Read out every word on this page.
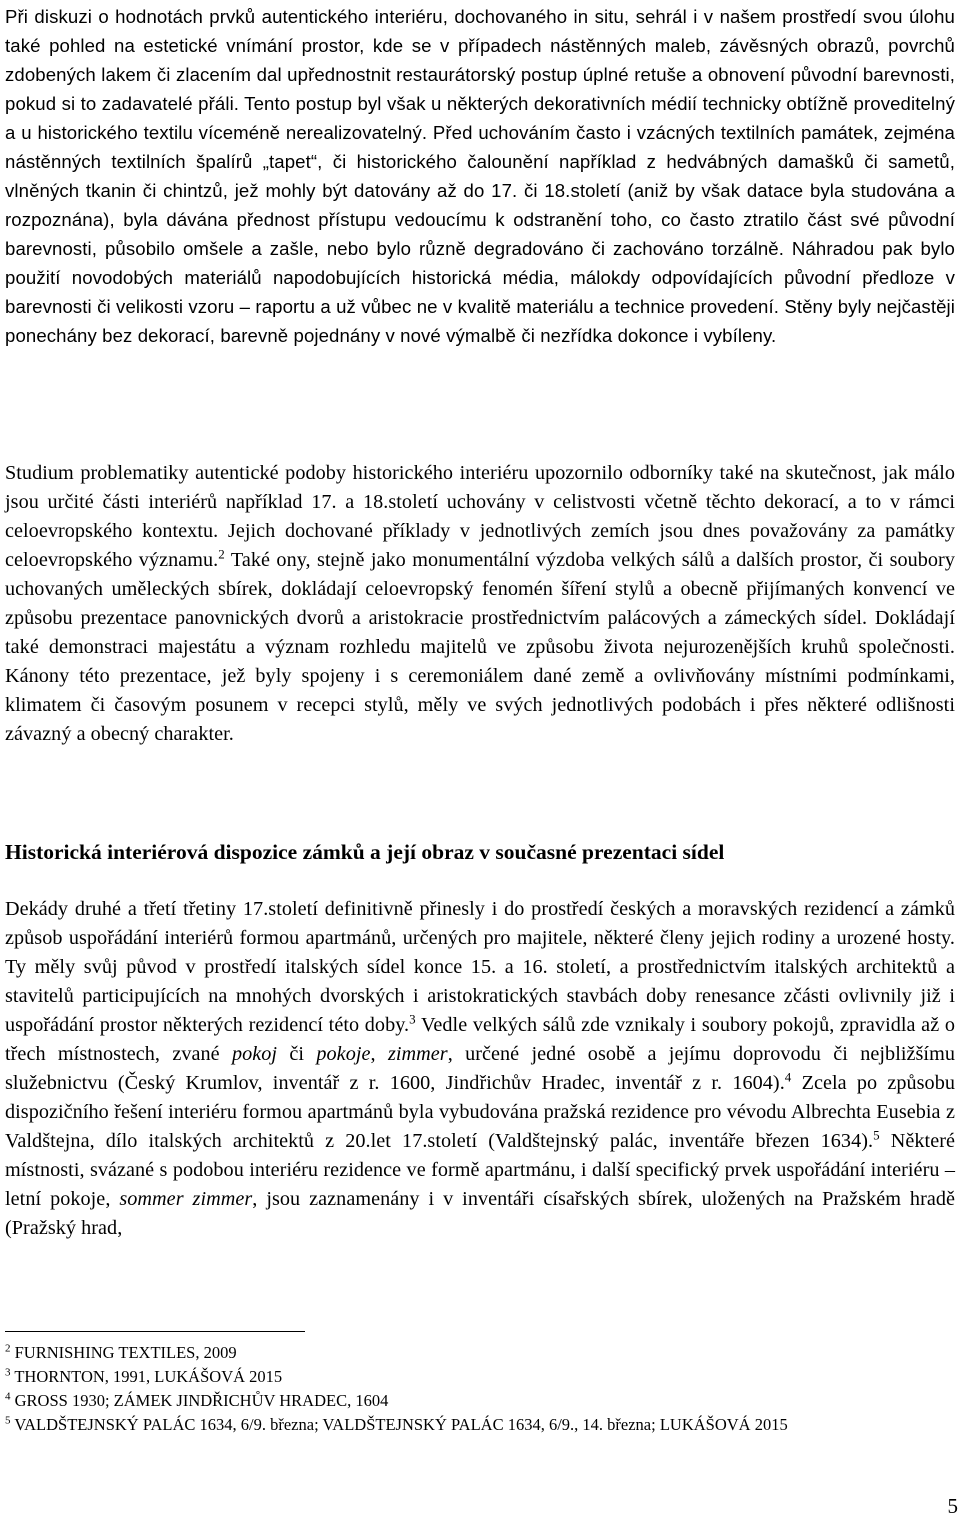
Při diskuzi o hodnotách prvků autentického interiéru, dochovaného in situ, sehrál i v našem prostředí svou úlohu také pohled na estetické vnímání prostor, kde se v případech nástěnných maleb, závěsných obrazů, povrchů zdobených lakem či zlacením dal upřednostnit restaurátorský postup úplné retuše a obnovení původní barevnosti, pokud si to zadavatelé přáli. Tento postup byl však u některých dekorativních médií technicky obtížně proveditelný a u historického textilu víceméně nerealizovatelný. Před uchováním často i vzácných textilních památek, zejména nástěnných textilních špalírů „tapet“, či historického čalounění například z hedvábných damašků či sametů, vlněných tkanin či chintzů, jež mohly být datovány až do 17. či 18.století (aniž by však datace byla studována a rozpoznána), byla dávána přednost přístupu vedoucímu k odstranění toho, co často ztratilo část své původní barevnosti, působilo omšele a zašle, nebo bylo různě degradováno či zachováno torzálně. Náhradou pak bylo použití novodobých materiálů napodobujících historická média, málokdy odpovídajících původní předloze v barevnosti či velikosti vzoru – raportu a už vůbec ne v kvalitě materiálu a technice provedení. Stěny byly nejčastěji ponechány bez dekorací, barevně pojednány v nové výmalbě či nezřídka dokonce i vybíleny.

Studium problematiky autentické podoby historického interiéru upozornilo odborníky také na skutečnost, jak málo jsou určité části interiérů například 17. a 18.století uchovány v celistvosti včetně těchto dekorací, a to v rámci celoevropského kontextu. Jejich dochované příklady v jednotlivých zemích jsou dnes považovány za památky celoevropského významu.$^2$ Také ony, stejně jako monumentální výzdoba velkých sálů a dalších prostor, či soubory uchovaných uměleckých sbírek, dokládají celoevropský fenomén šíření stylů a obecně přijímaných konvencí ve způsobu prezentace panovnických dvorů a aristokracie prostřednictvím palácových a zámeckých sídel. Dokládají také demonstraci majestátu a význam rozhledu majitelů ve způsobu života nejurozenějších kruhů společnosti. Kánony této prezentace, jež byly spojeny i s ceremoniálem dané země a ovlivňovány místními podmínkami, klimatem či časovým posunem v recepci stylů, měly ve svých jednotlivých podobách i přes některé odlišnosti závazný a obecný charakter.

Historická interiérová dispozice zámků a její obraz v současné prezentaci sídel

Dekády druhé a třetí třetiny 17.století definitivně přinesly i do prostředí českých a moravských rezidencí a zámků způsob uspořádání interiérů formou apartmánů, určených pro majitele, některé členy jejich rodiny a urozené hosty. Ty měly svůj původ v prostředí italských sídel konce 15. a 16. století, a prostřednictvím italských architektů a stavitelů participujících na mnohých dvorských i aristokratických stavbách doby renesance zčásti ovlivnily již i uspořádání prostor některých rezidencí této doby.$^3$ Vedle velkých sálů zde vznikaly i soubory pokojů, zpravidla až o třech místnostech, zvané pokoj či pokoje, zimmer, určené jedné osobě a jejímu doprovodu či nejbližšímu služebnictvu (Český Krumlov, inventář z r. 1600, Jindřichův Hradec, inventář z r. 1604).$^4$ Zcela po způsobu dispozičního řešení interiéru formou apartmánů byla vybudována pražská rezidence pro vévodu Albrechta Eusebia z Valdštejna, dílo italských architektů z 20.let 17.století (Valdštejnský palác, inventáře březen 1634).$^5$ Některé místnosti, svázané s podobou interiéru rezidence ve formě apartmánu, i další specifický prvek uspořádání interiéru – letní pokoje, sommer zimmer, jsou zaznamenány i v inventáři císařských sbírek, uložených na Pražském hradě (Pražský hrad,

$^2$ FURNISHING TEXTILES, 2009

$^3$ THORNTON, 1991, LUKÁŠOVÁ 2015

$^4$ GROSS 1930; ZÁMEK JINDŘICHŮV HRADEC, 1604

$^5$ VALDŠTEJNSKÝ PALÁC 1634, 6/9. března; VALDŠTEJNSKÝ PALÁC 1634, 6/9., 14. března; LUKÁŠOVÁ 2015

5
